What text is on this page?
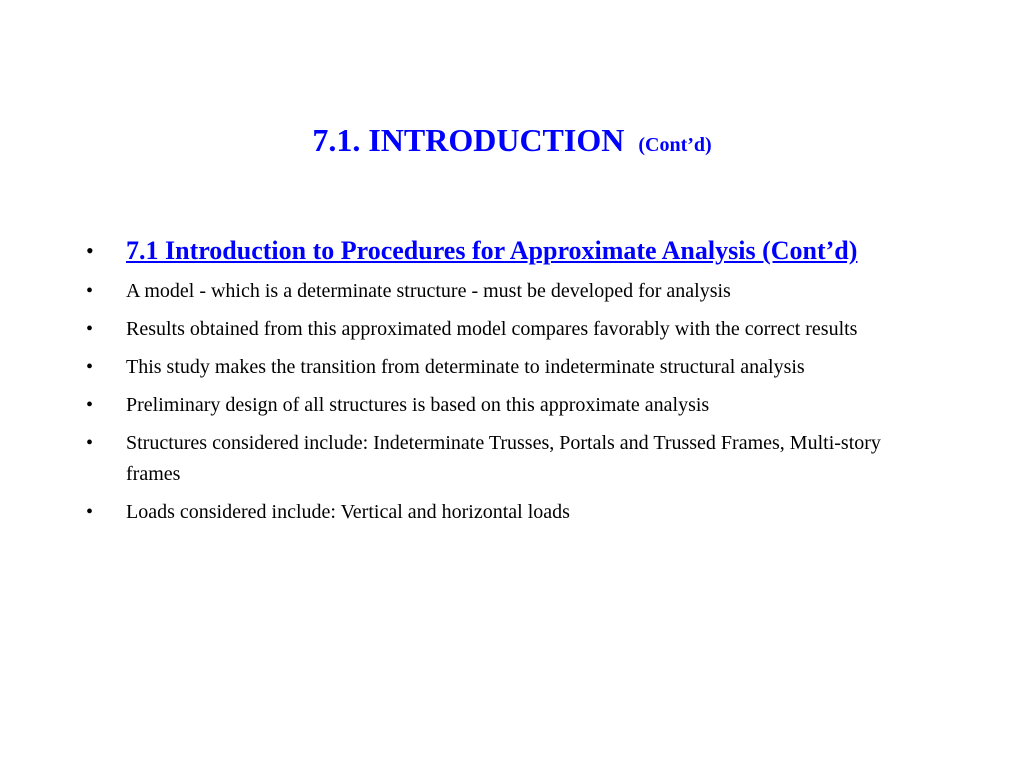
7.1. INTRODUCTION (Cont’d)
•	7.1 Introduction to Procedures for Approximate Analysis (Cont’d)
•	A model - which is a determinate structure - must be developed for analysis
•	Results obtained from this approximated model compares favorably with the correct results
•	This study makes the transition from determinate to indeterminate structural analysis
•	Preliminary design of all structures is based on this approximate analysis
•	Structures considered include: Indeterminate Trusses, Portals and Trussed Frames, Multi-story frames
•	Loads considered include: Vertical and horizontal loads
